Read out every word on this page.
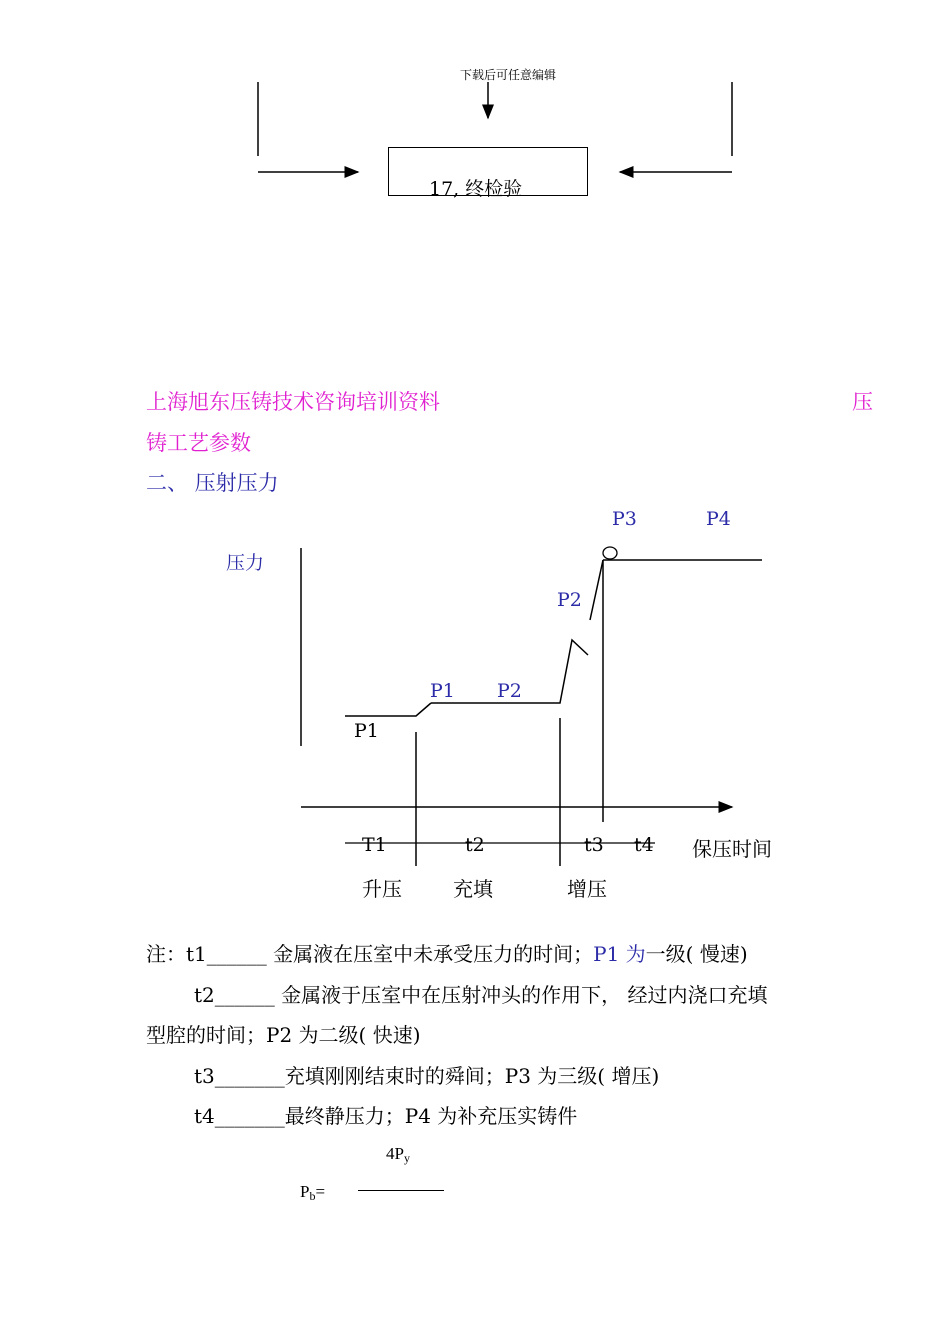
下载后可任意编辑
17, 终检验
上海旭东压铸技术咨询培训资料	压
铸工艺参数
二、 压射压力
压力
P3	P4
P2
P1 P2
P1
T1	t2	t3 t4 保压时间
升压	充填	增压
注：t1______ 金属液在压室中未承受压力的时间；P1 为一级( 慢速)
t2______ 金属液于压室中在压射冲头的作用下， 经过内浇口充填
型腔的时间；P2 为二级( 快速)
t3_______充填刚刚结束时的舜间；P3 为三级( 增压)
t4_______最终静压力；P4 为补充压实铸件
$4P_y$
$P_b=$
